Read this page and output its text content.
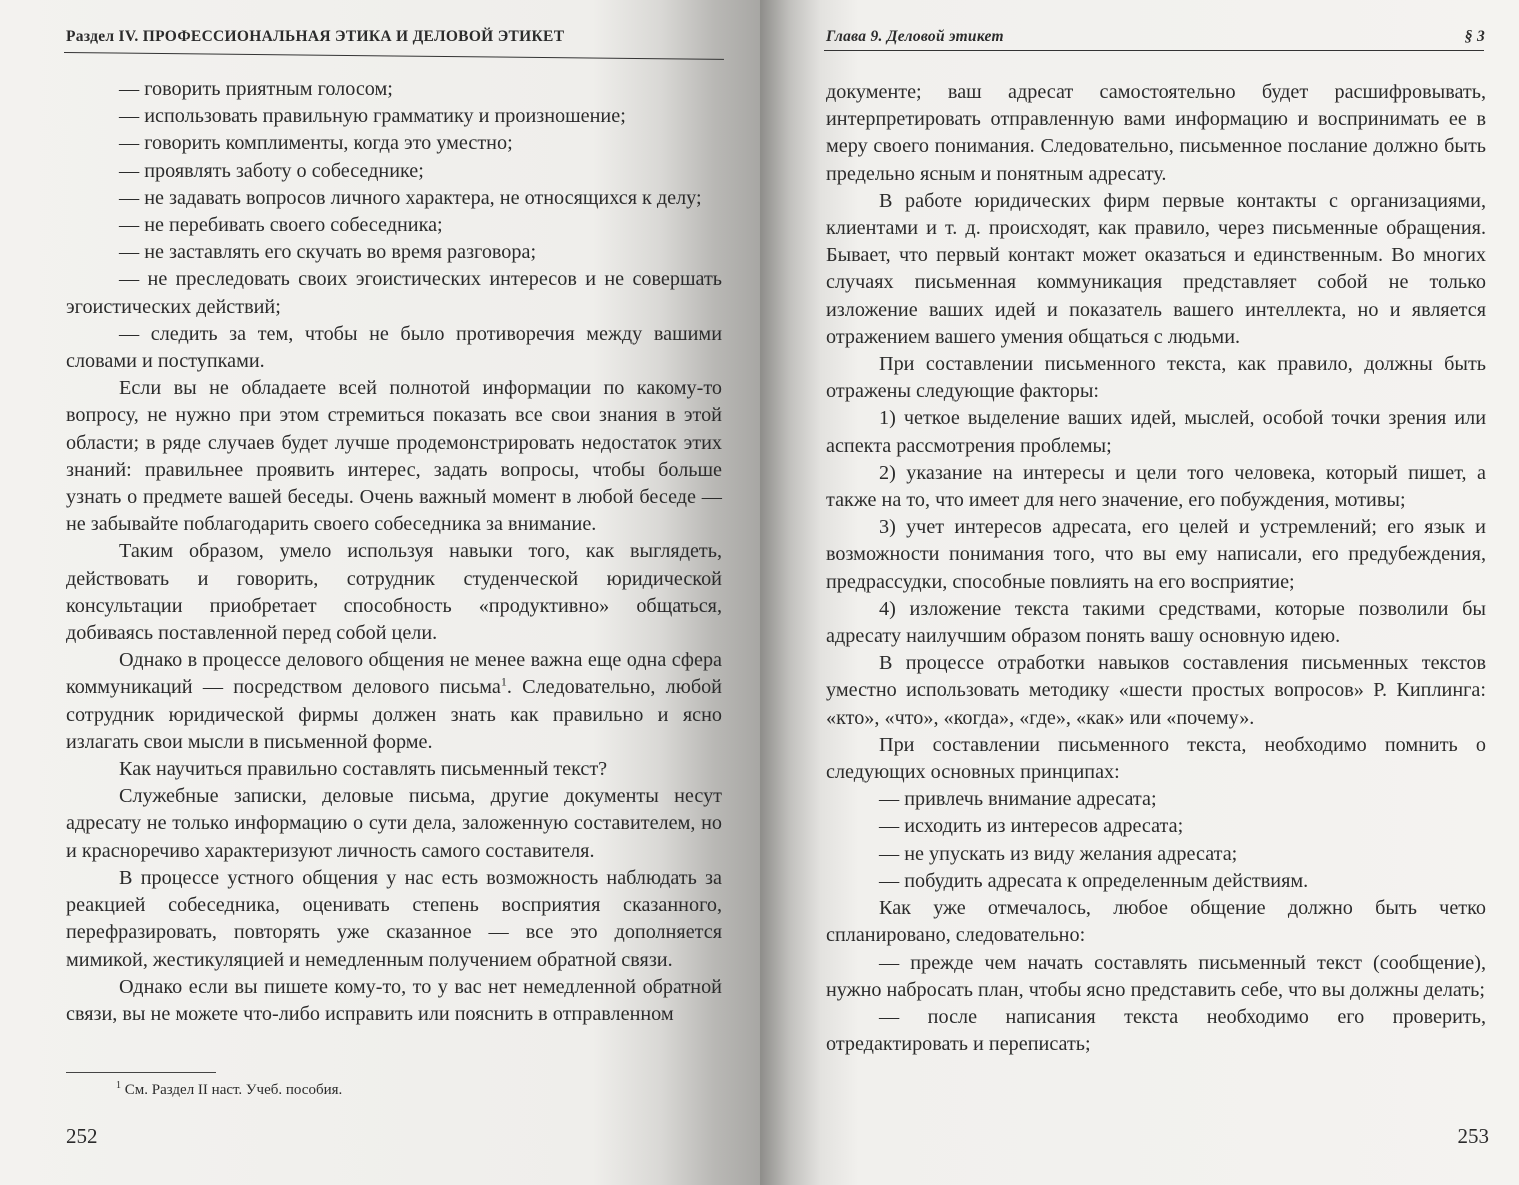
Раздел IV. ПРОФЕССИОНАЛЬНАЯ ЭТИКА И ДЕЛОВОЙ ЭТИКЕТ

— говорить приятным голосом;

— использовать правильную грамматику и произношение;

— говорить комплименты, когда это уместно;

— проявлять заботу о собеседнике;

— не задавать вопросов личного характера, не относящихся к делу;

— не перебивать своего собеседника;

— не заставлять его скучать во время разговора;

— не преследовать своих эгоистических интересов и не совершать эгоистических действий;

— следить за тем, чтобы не было противоречия между вашими словами и поступками.

Если вы не обладаете всей полнотой информации по какому-то вопросу, не нужно при этом стремиться показать все свои знания в этой области; в ряде случаев будет лучше продемонстрировать недостаток этих знаний: правильнее проявить интерес, задать вопросы, чтобы больше узнать о предмете вашей беседы. Очень важный момент в любой беседе — не забывайте поблагодарить своего собеседника за внимание.

Таким образом, умело используя навыки того, как выглядеть, действовать и говорить, сотрудник студенческой юридической консультации приобретает способность «продуктивно» общаться, добиваясь поставленной перед собой цели.

Однако в процессе делового общения не менее важна еще одна сфера коммуникаций — посредством делового письма$^1$. Следовательно, любой сотрудник юридической фирмы должен знать как правильно и ясно излагать свои мысли в письменной форме.

Как научиться правильно составлять письменный текст?

Служебные записки, деловые письма, другие документы несут адресату не только информацию о сути дела, заложенную составителем, но и красноречиво характеризуют личность самого составителя.

В процессе устного общения у нас есть возможность наблюдать за реакцией собеседника, оценивать степень восприятия сказанного, перефразировать, повторять уже сказанное — все это дополняется мимикой, жестикуляцией и немедленным получением обратной связи.

Однако если вы пишете кому-то, то у вас нет немедленной обратной связи, вы не можете что-либо исправить или пояснить в отправленном

$^1$ См. Раздел II наст. Учеб. пособия.
252
Глава 9. Деловой этикет	§ 3

документе; ваш адресат самостоятельно будет расшифровывать, интерпретировать отправленную вами информацию и воспринимать ее в меру своего понимания. Следовательно, письменное послание должно быть предельно ясным и понятным адресату.

В работе юридических фирм первые контакты с организациями, клиентами и т. д. происходят, как правило, через письменные обращения. Бывает, что первый контакт может оказаться и единственным. Во многих случаях письменная коммуникация представляет собой не только изложение ваших идей и показатель вашего интеллекта, но и является отражением вашего умения общаться с людьми.

При составлении письменного текста, как правило, должны быть отражены следующие факторы:

1) четкое выделение ваших идей, мыслей, особой точки зрения или аспекта рассмотрения проблемы;

2) указание на интересы и цели того человека, который пишет, а также на то, что имеет для него значение, его побуждения, мотивы;

3) учет интересов адресата, его целей и устремлений; его язык и возможности понимания того, что вы ему написали, его предубеждения, предрассудки, способные повлиять на его восприятие;

4) изложение текста такими средствами, которые позволили бы адресату наилучшим образом понять вашу основную идею.

В процессе отработки навыков составления письменных текстов уместно использовать методику «шести простых вопросов» Р. Киплинга: «кто», «что», «когда», «где», «как» или «почему».

При составлении письменного текста, необходимо помнить о следующих основных принципах:

— привлечь внимание адресата;

— исходить из интересов адресата;

— не упускать из виду желания адресата;

— побудить адресата к определенным действиям.

Как уже отмечалось, любое общение должно быть четко спланировано, следовательно:

— прежде чем начать составлять письменный текст (сообщение), нужно набросать план, чтобы ясно представить себе, что вы должны делать;

— после написания текста необходимо его проверить, отредактировать и переписать;

253
